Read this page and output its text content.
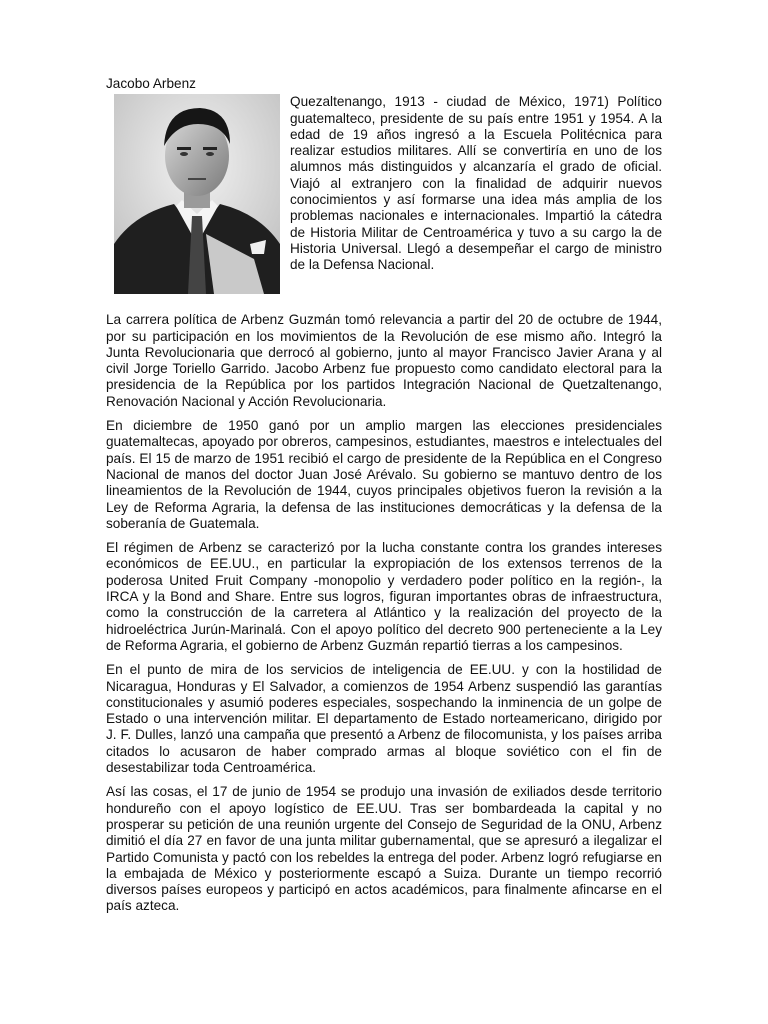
Jacobo Arbenz
Quezaltenango, 1913 - ciudad de México, 1971) Político guatemalteco, presidente de su país entre 1951 y 1954. A la edad de 19 años ingresó a la Escuela Politécnica para realizar estudios militares. Allí se convertiría en uno de los alumnos más distinguidos y alcanzaría el grado de oficial. Viajó al extranjero con la finalidad de adquirir nuevos conocimientos y así formarse una idea más amplia de los problemas nacionales e internacionales. Impartió la cátedra de Historia Militar de Centroamérica y tuvo a su cargo la de Historia Universal. Llegó a desempeñar el cargo de ministro de la Defensa Nacional.

La carrera política de Arbenz Guzmán tomó relevancia a partir del 20 de octubre de 1944, por su participación en los movimientos de la Revolución de ese mismo año. Integró la Junta Revolucionaria que derrocó al gobierno, junto al mayor Francisco Javier Arana y al civil Jorge Toriello Garrido. Jacobo Arbenz fue propuesto como candidato electoral para la presidencia de la República por los partidos Integración Nacional de Quetzaltenango, Renovación Nacional y Acción Revolucionaria.

En diciembre de 1950 ganó por un amplio margen las elecciones presidenciales guatemaltecas, apoyado por obreros, campesinos, estudiantes, maestros e intelectuales del país. El 15 de marzo de 1951 recibió el cargo de presidente de la República en el Congreso Nacional de manos del doctor Juan José Arévalo. Su gobierno se mantuvo dentro de los lineamientos de la Revolución de 1944, cuyos principales objetivos fueron la revisión a la Ley de Reforma Agraria, la defensa de las instituciones democráticas y la defensa de la soberanía de Guatemala.

El régimen de Arbenz se caracterizó por la lucha constante contra los grandes intereses económicos de EE.UU., en particular la expropiación de los extensos terrenos de la poderosa United Fruit Company -monopolio y verdadero poder político en la región-, la IRCA y la Bond and Share. Entre sus logros, figuran importantes obras de infraestructura, como la construcción de la carretera al Atlántico y la realización del proyecto de la hidroeléctrica Jurún-Marinalá. Con el apoyo político del decreto 900 perteneciente a la Ley de Reforma Agraria, el gobierno de Arbenz Guzmán repartió tierras a los campesinos.

En el punto de mira de los servicios de inteligencia de EE.UU. y con la hostilidad de Nicaragua, Honduras y El Salvador, a comienzos de 1954 Arbenz suspendió las garantías constitucionales y asumió poderes especiales, sospechando la inminencia de un golpe de Estado o una intervención militar. El departamento de Estado norteamericano, dirigido por J. F. Dulles, lanzó una campaña que presentó a Arbenz de filocomunista, y los países arriba citados lo acusaron de haber comprado armas al bloque soviético con el fin de desestabilizar toda Centroamérica.

Así las cosas, el 17 de junio de 1954 se produjo una invasión de exiliados desde territorio hondureño con el apoyo logístico de EE.UU. Tras ser bombardeada la capital y no prosperar su petición de una reunión urgente del Consejo de Seguridad de la ONU, Arbenz dimitió el día 27 en favor de una junta militar gubernamental, que se apresuró a ilegalizar el Partido Comunista y pactó con los rebeldes la entrega del poder. Arbenz logró refugiarse en la embajada de México y posteriormente escapó a Suiza. Durante un tiempo recorrió diversos países europeos y participó en actos académicos, para finalmente afincarse en el país azteca.
